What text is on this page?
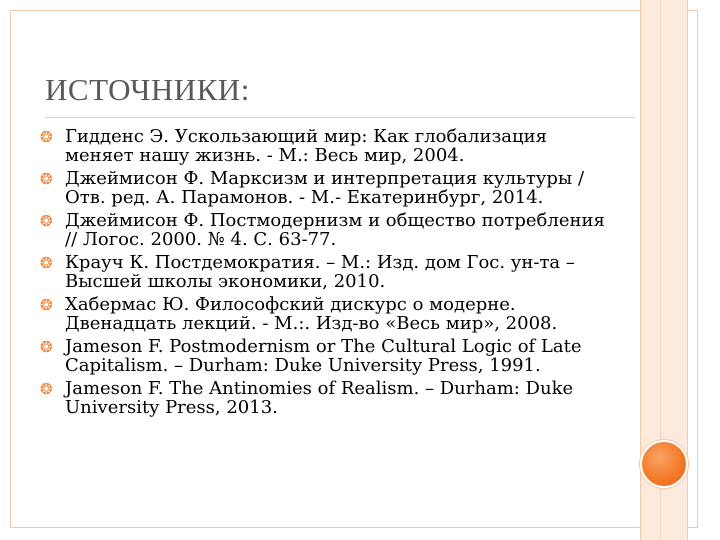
ИСТОЧНИКИ:
❂ Гидденс Э. Ускользающий мир: Как глобализация меняет нашу жизнь. - М.: Весь мир, 2004.
❂ Джеймисон Ф. Марксизм и интерпретация культуры / Отв. ред. А. Парамонов. - М.- Екатеринбург, 2014.
❂ Джеймисон Ф. Постмодернизм и общество потребления // Логос. 2000. № 4. С. 63-77.
❂ Крауч К. Постдемократия. – М.: Изд. дом Гос. ун-та – Высшей школы экономики, 2010.
❂ Хабермас Ю. Философский дискурс о модерне. Двенадцать лекций. - М.:. Изд-во «Весь мир», 2008.
❂ Jameson F. Postmodernism or The Cultural Logic of Late Capitalism. – Durham: Duke University Press, 1991.
❂ Jameson F. The Antinomies of Realism. – Durham: Duke University Press, 2013.
